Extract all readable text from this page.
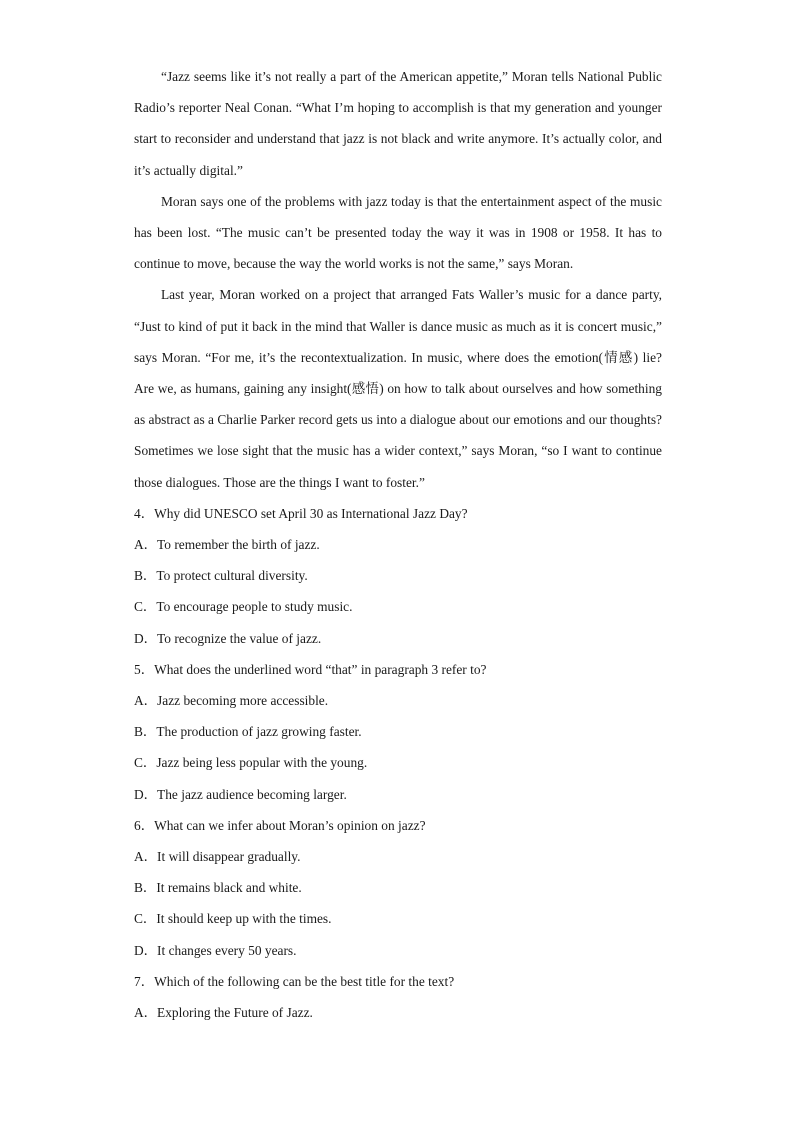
“Jazz seems like it’s not really a part of the American appetite,” Moran tells National Public Radio’s reporter Neal Conan. “What I’m hoping to accomplish is that my generation and younger start to reconsider and understand that jazz is not black and write anymore. It’s actually color, and it’s actually digital.”

Moran says one of the problems with jazz today is that the entertainment aspect of the music has been lost. “The music can’t be presented today the way it was in 1908 or 1958. It has to continue to move, because the way the world works is not the same,” says Moran.

Last year, Moran worked on a project that arranged Fats Waller’s music for a dance party, “Just to kind of put it back in the mind that Waller is dance music as much as it is concert music,” says Moran. “For me, it’s the recontextualization. In music, where does the emotion(情感) lie? Are we, as humans, gaining any insight(感悟) on how to talk about ourselves and how something as abstract as a Charlie Parker record gets us into a dialogue about our emotions and our thoughts? Sometimes we lose sight that the music has a wider context,” says Moran, “so I want to continue those dialogues. Those are the things I want to foster.”

4．Why did UNESCO set April 30 as International Jazz Day?

A．To remember the birth of jazz.

B．To protect cultural diversity.

C．To encourage people to study music.

D．To recognize the value of jazz.

5．What does the underlined word “that” in paragraph 3 refer to?

A．Jazz becoming more accessible.

B．The production of jazz growing faster.

C．Jazz being less popular with the young.

D．The jazz audience becoming larger.

6．What can we infer about Moran’s opinion on jazz?

A．It will disappear gradually.

B．It remains black and white.

C．It should keep up with the times.

D．It changes every 50 years.

7．Which of the following can be the best title for the text?

A．Exploring the Future of Jazz.
